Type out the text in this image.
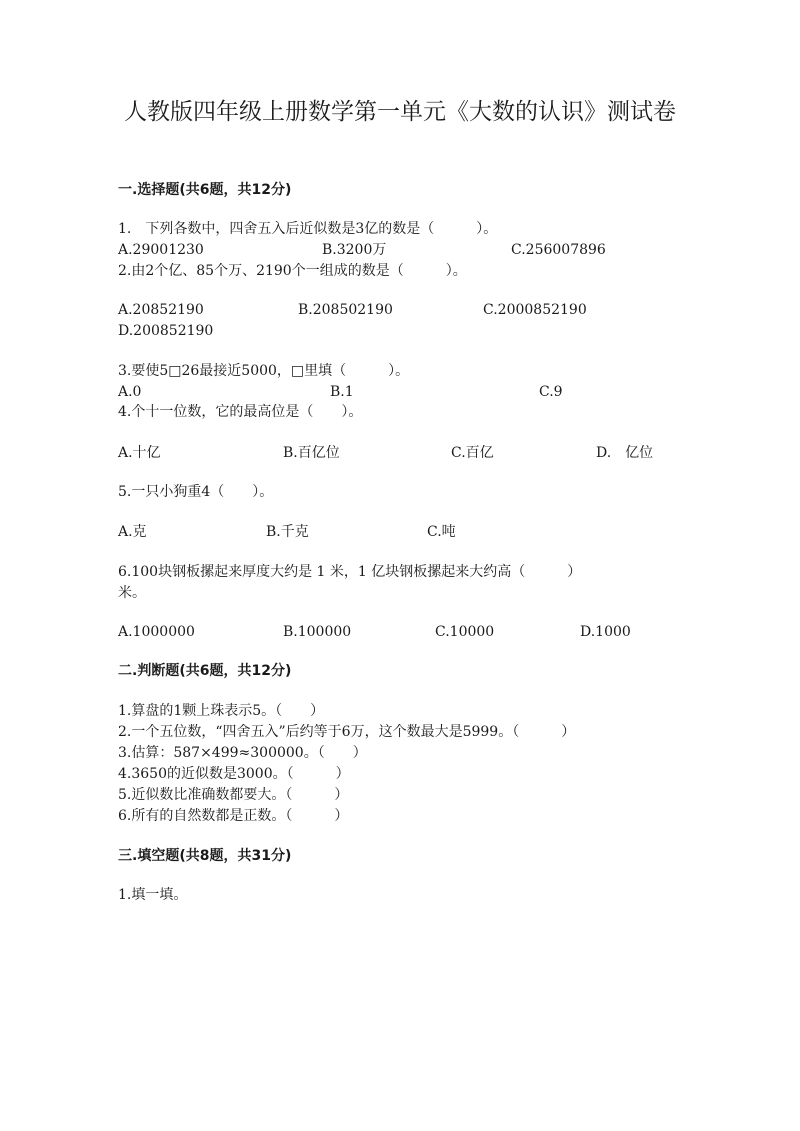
人教版四年级上册数学第一单元《大数的认识》测试卷
一.选择题(共6题，共12分)
1.　下列各数中，四舍五入后近似数是3亿的数是（　　　）。
A.29001230	B.3200万	C.256007896
2.由2个亿、85个万、2190个一组成的数是（　　　）。
A.20852190	B.208502190	C.2000852190
D.200852190
3.要使5□26最接近5000，□里填（　　　）。
A.0	B.1	C.9
4.个十一位数，它的最高位是（　　）。
A.十亿	B.百亿位	C.百亿	D.　亿位
5.一只小狗重4（　　）。
A.克	B.千克	C.吨
6.100块钢板摞起来厚度大约是 1 米，1 亿块钢板摞起来大约高（　　　）
米。
A.1000000	B.100000	C.10000	D.1000
二.判断题(共6题，共12分)
1.算盘的1颗上珠表示5。（　　）
2.一个五位数，“四舍五入”后约等于6万，这个数最大是5999。（　　　）
3.估算：587×499≈300000。（　　）
4.3650的近似数是3000。（　　　）
5.近似数比准确数都要大。（　　　）
6.所有的自然数都是正数。（　　　）
三.填空题(共8题，共31分)
1.填一填。
